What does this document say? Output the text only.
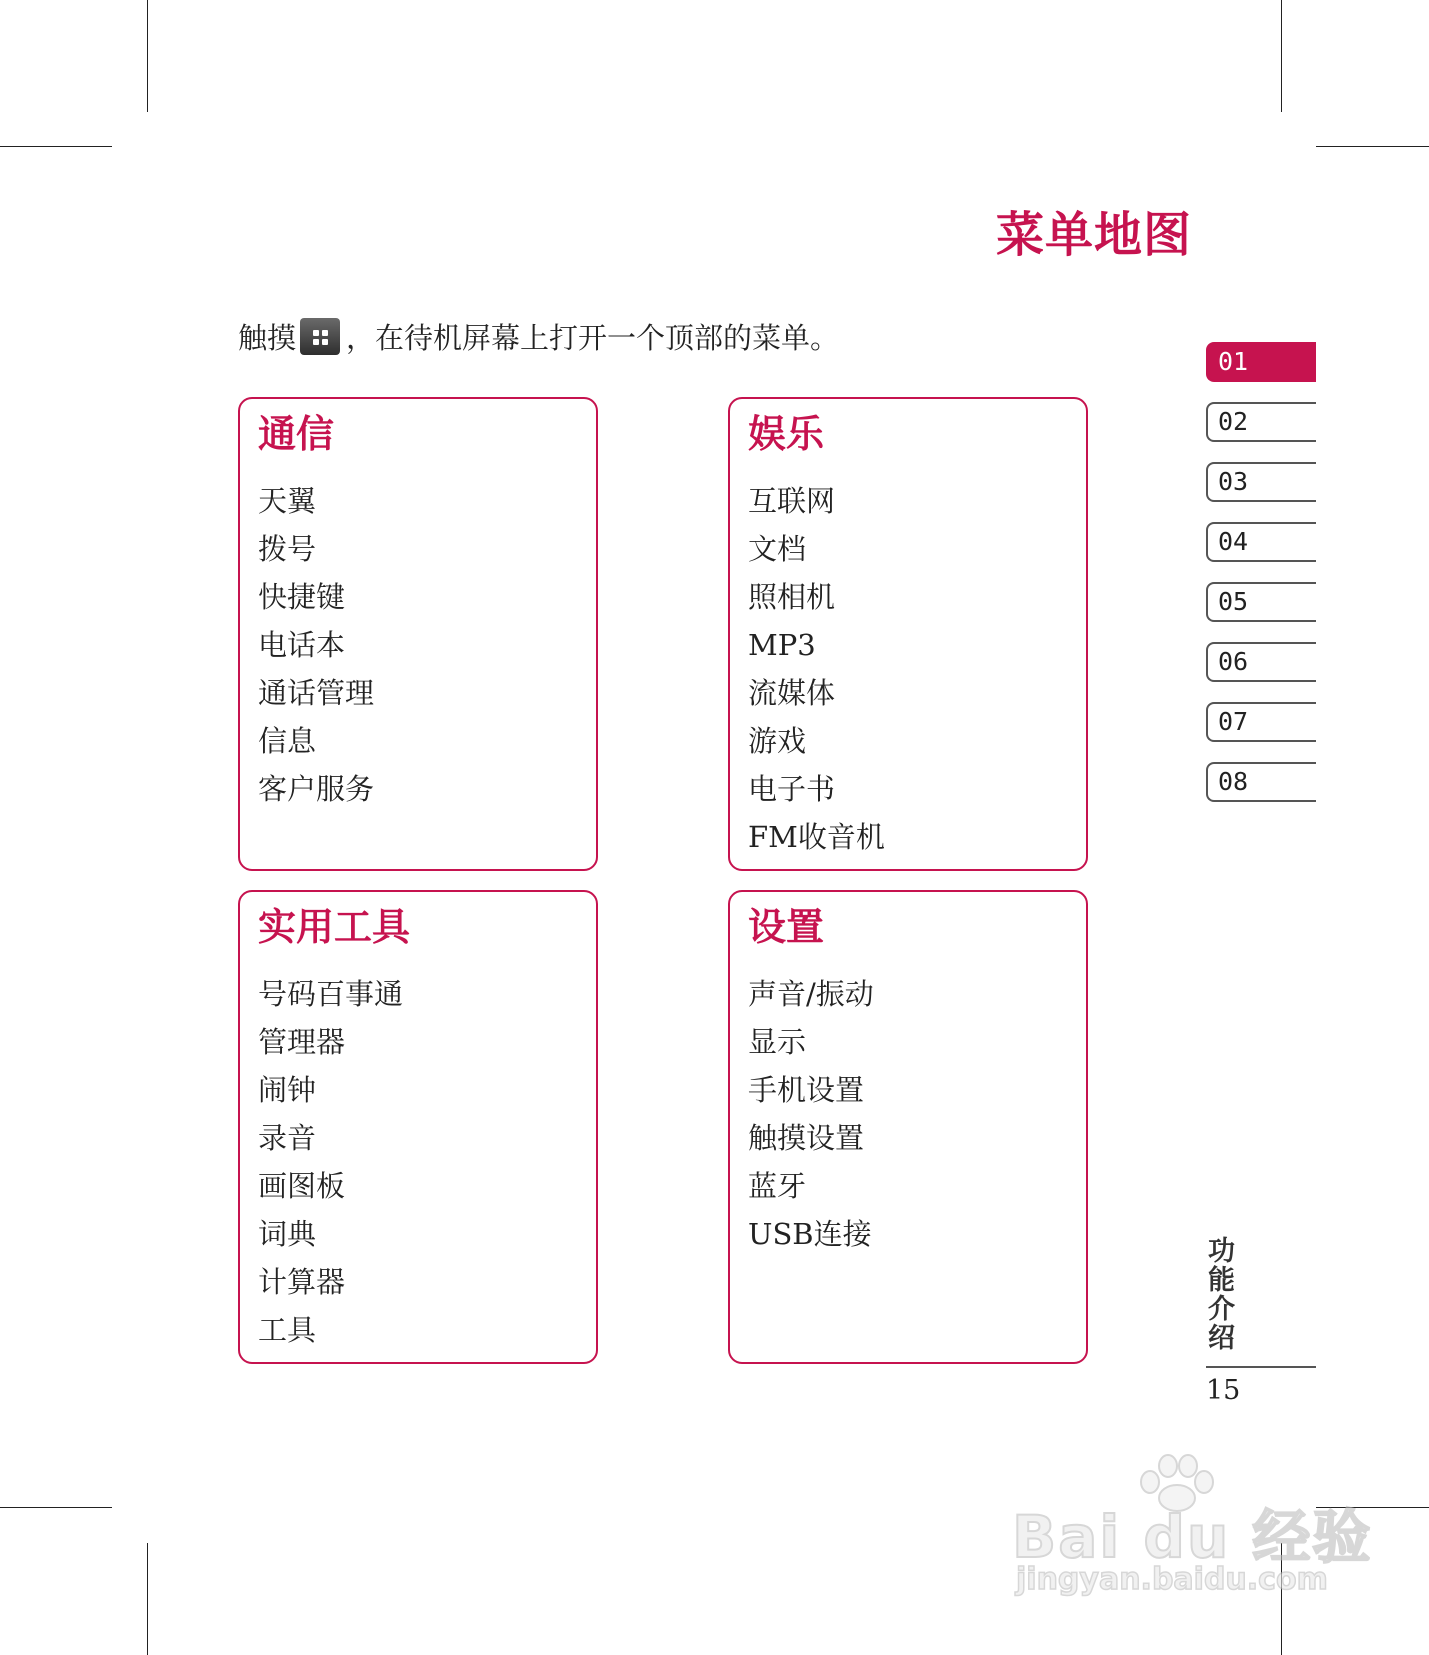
菜单地图
触摸 ，在待机屏幕上打开一个顶部的菜单。
通信
天翼
拨号
快捷键
电话本
通话管理
信息
客户服务
娱乐
互联网
文档
照相机
MP3
流媒体
游戏
电子书
FM收音机
实用工具
号码百事通
管理器
闹钟
录音
画图板
词典
计算器
工具
设置
声音/振动
显示
手机设置
触摸设置
蓝牙
USB连接
01
02
03
04
05
06
07
08
功能介绍
15
Bai du 经验
jingyan.baidu.com
